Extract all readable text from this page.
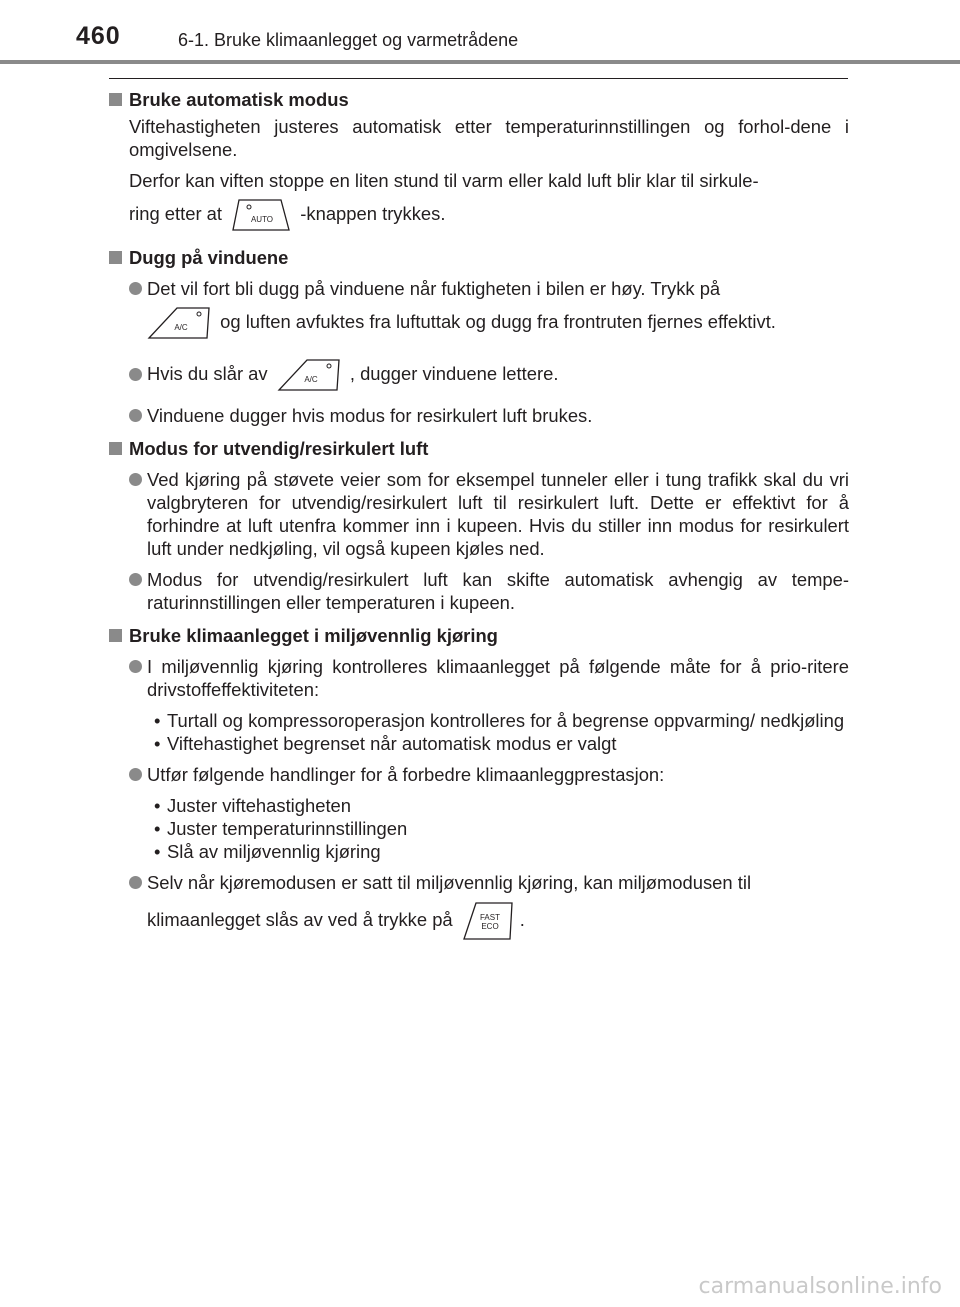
460	6-1. Bruke klimaanlegget og varmetrådene
Bruke automatisk modus
Viftehastigheten justeres automatisk etter temperaturinnstillingen og forhol-dene i omgivelsene.
Derfor kan viften stoppe en liten stund til varm eller kald luft blir klar til sirkule-
ring etter at	AUTO -knappen trykkes.
Dugg på vinduene
Det vil fort bli dugg på vinduene når fuktigheten i bilen er høy. Trykk på

A/C og luften avfuktes fra luftuttak og dugg fra frontruten fjernes effektivt.
Hvis du slår av	A/C , dugger vinduene lettere.
Vinduene dugger hvis modus for resirkulert luft brukes.
Modus for utvendig/resirkulert luft
Ved kjøring på støvete veier som for eksempel tunneler eller i tung trafikk skal du vri valgbryteren for utvendig/resirkulert luft til resirkulert luft. Dette er effektivt for å forhindre at luft utenfra kommer inn i kupeen. Hvis du stiller inn modus for resirkulert luft under nedkjøling, vil også kupeen kjøles ned.
Modus for utvendig/resirkulert luft kan skifte automatisk avhengig av tempe-raturinnstillingen eller temperaturen i kupeen.
Bruke klimaanlegget i miljøvennlig kjøring
I miljøvennlig kjøring kontrolleres klimaanlegget på følgende måte for å prio-ritere drivstoffeffektiviteten:
• Turtall og kompressoroperasjon kontrolleres for å begrense oppvarming/ nedkjøling
• Viftehastighet begrenset når automatisk modus er valgt
Utfør følgende handlinger for å forbedre klimaanleggprestasjon:
• Juster viftehastigheten
• Juster temperaturinnstillingen
• Slå av miljøvennlig kjøring
Selv når kjøremodusen er satt til miljøvennlig kjøring, kan miljømodusen til
klimaanlegget slås av ved å trykke på	FAST
ECO .
carmanualsonline.info
